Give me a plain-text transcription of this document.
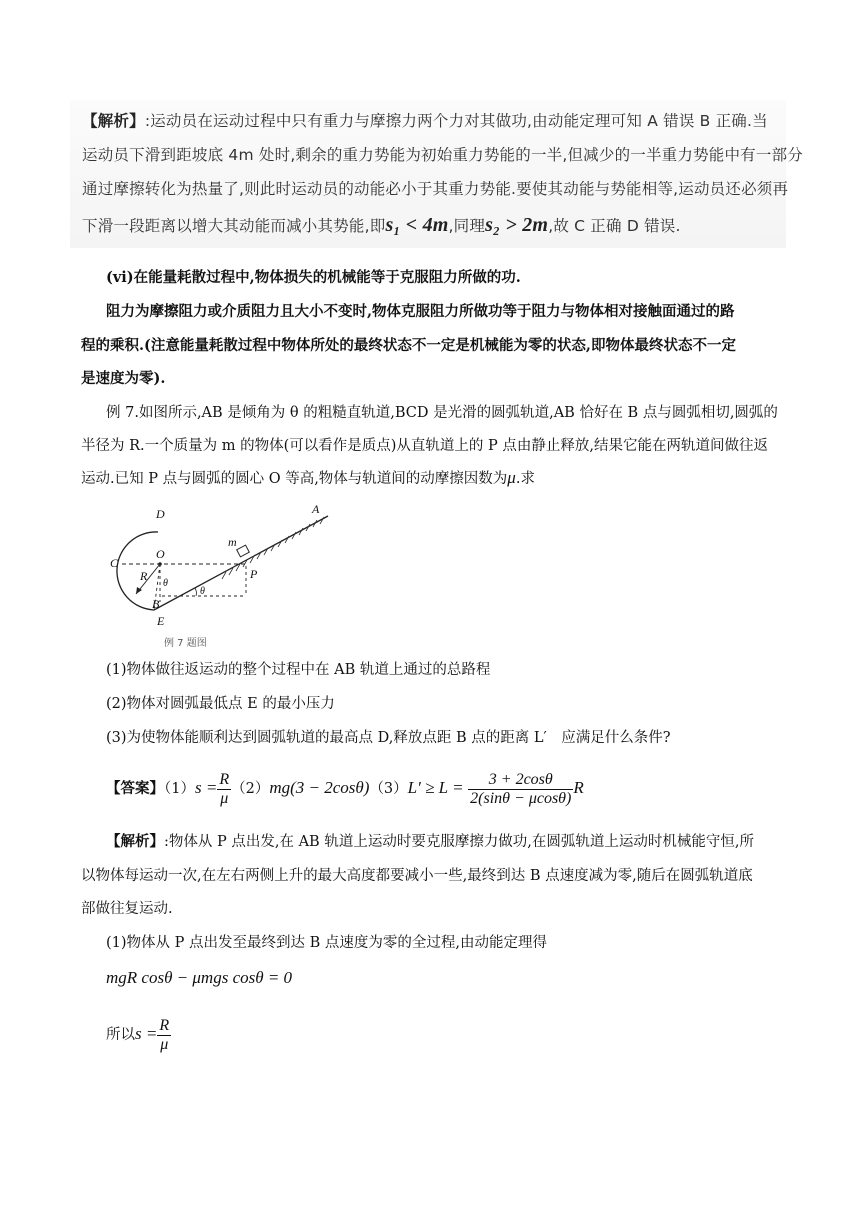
【解析】:运动员在运动过程中只有重力与摩擦力两个力对其做功,由动能定理可知 A 错误 B 正确.当

运动员下滑到距坡底 4m 处时,剩余的重力势能为初始重力势能的一半,但减少的一半重力势能中有一部分

通过摩擦转化为热量了,则此时运动员的动能必小于其重力势能.要使其动能与势能相等,运动员还必须再

下滑一段距离以增大其动能而减小其势能,即s₁ < 4m,同理s₂ > 2m,故 C 正确 D 错误.

(vi)在能量耗散过程中,物体损失的机械能等于克服阻力所做的功.
阻力为摩擦阻力或介质阻力且大小不变时,物体克服阻力所做功等于阻力与物体相对接触面通过的路
程的乘积.(注意能量耗散过程中物体所处的最终状态不一定是机械能为零的状态,即物体最终状态不一定
是速度为零).
例 7.如图所示,AB 是倾角为 θ 的粗糙直轨道,BCD 是光滑的圆弧轨道,AB 恰好在 B 点与圆弧相切,圆弧的
半径为 R.一个质量为 m 的物体(可以看作是质点)从直轨道上的 P 点由静止释放,结果它能在两轨道间做往返
运动.已知 P 点与圆弧的圆心 O 等高,物体与轨道间的动摩擦因数为μ.求
A
D
O
C
m
P
R
θ
θ
B
E
例 7 题图
(1)物体做往返运动的整个过程中在 AB 轨道上通过的总路程
(2)物体对圆弧最低点 E 的最小压力
(3)为使物体能顺利达到圆弧轨道的最高点 D,释放点距 B 点的距离 L′　应满足什么条件?
【答案】$(1)s = \frac{R}{\mu} (2)mg(3 - 2\cos\theta)(3)L' \ge L = \frac{3 + 2\cos\theta}{2(\sin\theta - \mu\cos\theta)}$ R
【解析】:物体从 P 点出发,在 AB 轨道上运动时要克服摩擦力做功,在圆弧轨道上运动时机械能守恒,所
以物体每运动一次,在左右两侧上升的最大高度都要减小一些,最终到达 B 点速度减为零,随后在圆弧轨道底
部做往复运动.
(1)物体从 P 点出发至最终到达 B 点速度为零的全过程,由动能定理得
mgR cosθ − μmgs cosθ = 0
所以$s = \frac{R}{\mu}$
